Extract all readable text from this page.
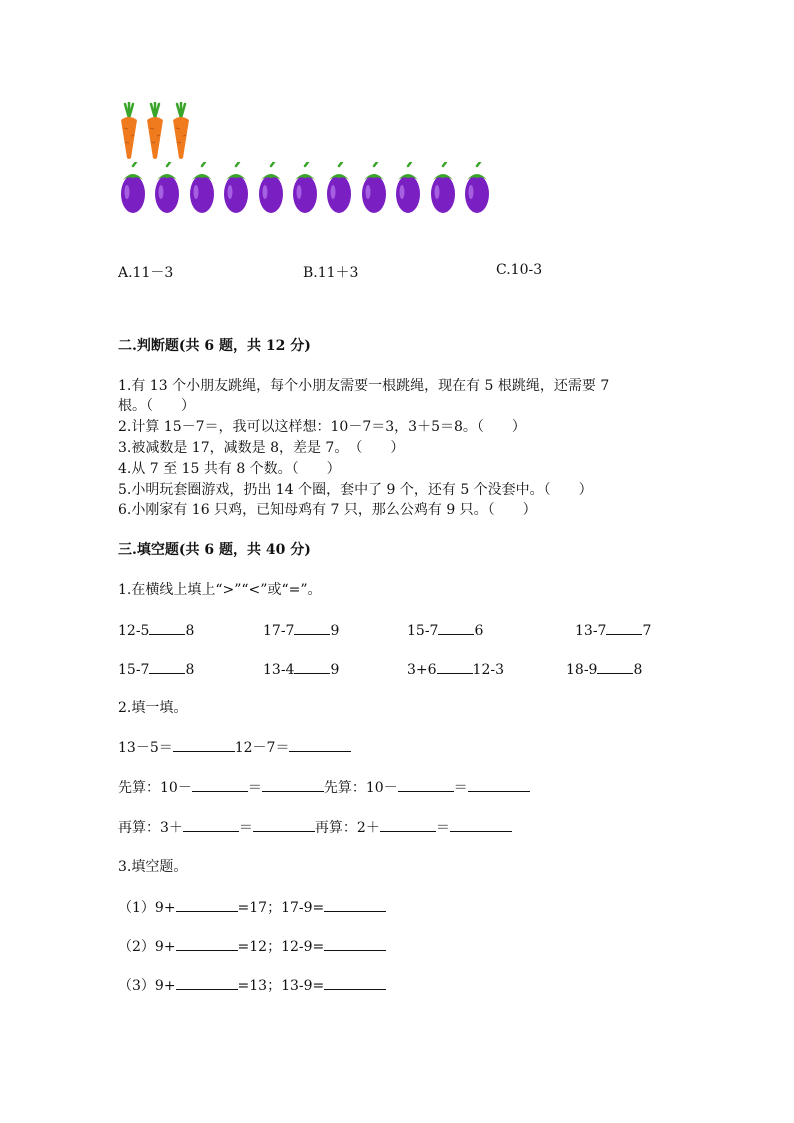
A.11－3	B.11＋3	C.10-3
二.判断题(共 6 题，共 12 分)
1.有 13 个小朋友跳绳，每个小朋友需要一根跳绳，现在有 5 根跳绳，还需要 7
根。（　　）
2.计算 15－7＝，我可以这样想：10－7＝3，3＋5＝8。（　　）
3.被减数是 17，减数是 8，差是 7。　（　　）
4.从 7 至 15 共有 8 个数。（　　）
5.小明玩套圈游戏，扔出 14 个圈，套中了 9 个，还有 5 个没套中。（　　）
6.小刚家有 16 只鸡，已知母鸡有 7 只，那么公鸡有 9 只。（　　）
三.填空题(共 6 题，共 40 分)
1.在横线上填上“>”“<”或“=”。
12-5	8	17-7	9	15-7	6	13-7	7
15-7	8	13-4	9	3+6	12-3	18-9	8
2.填一填。
13－5＝	12－7＝
先算：10－	＝	先算：10－	＝
再算：3＋	＝	再算：2＋	＝
3.填空题。
（1）9+	=17；17-9=
（2）9+	=12；12-9=
（3）9+	=13；13-9=
